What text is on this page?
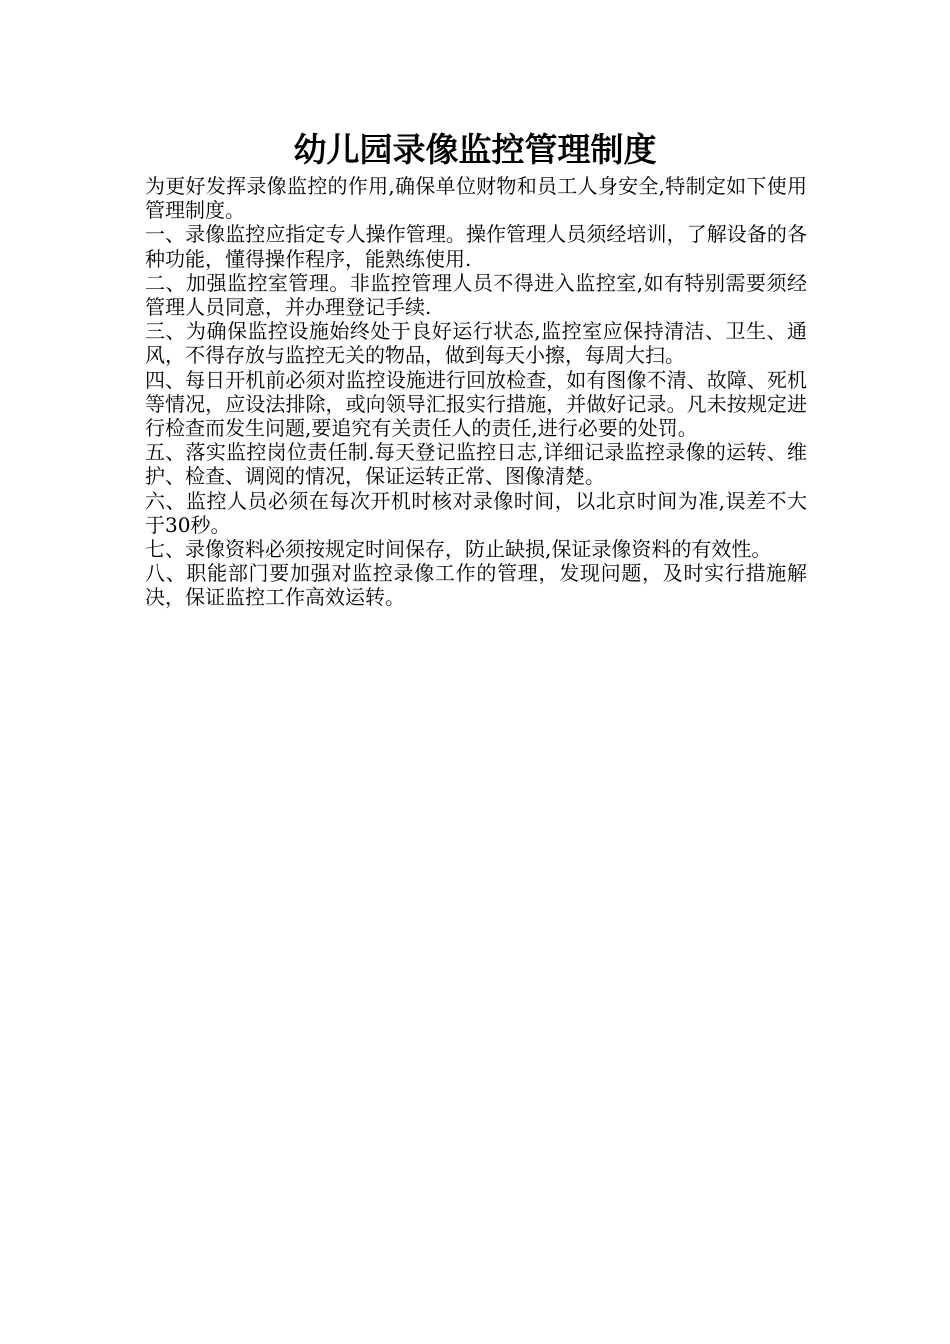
幼儿园录像监控管理制度

为更好发挥录像监控的作用,确保单位财物和员工人身安全,特制定如下使用管理制度。

一、录像监控应指定专人操作管理。操作管理人员须经培训，了解设备的各种功能，懂得操作程序，能熟练使用.

二、加强监控室管理。非监控管理人员不得进入监控室,如有特别需要须经管理人员同意，并办理登记手续.

三、为确保监控设施始终处于良好运行状态,监控室应保持清洁、卫生、通风，不得存放与监控无关的物品，做到每天小擦，每周大扫。

四、每日开机前必须对监控设施进行回放检查，如有图像不清、故障、死机等情况，应设法排除，或向领导汇报实行措施，并做好记录。凡未按规定进行检查而发生问题,要追究有关责任人的责任,进行必要的处罚。

五、落实监控岗位责任制.每天登记监控日志,详细记录监控录像的运转、维护、检查、调阅的情况，保证运转正常、图像清楚。

六、监控人员必须在每次开机时核对录像时间，以北京时间为准,误差不大于30秒。

七、录像资料必须按规定时间保存，防止缺损,保证录像资料的有效性。

八、职能部门要加强对监控录像工作的管理，发现问题，及时实行措施解决，保证监控工作高效运转。
